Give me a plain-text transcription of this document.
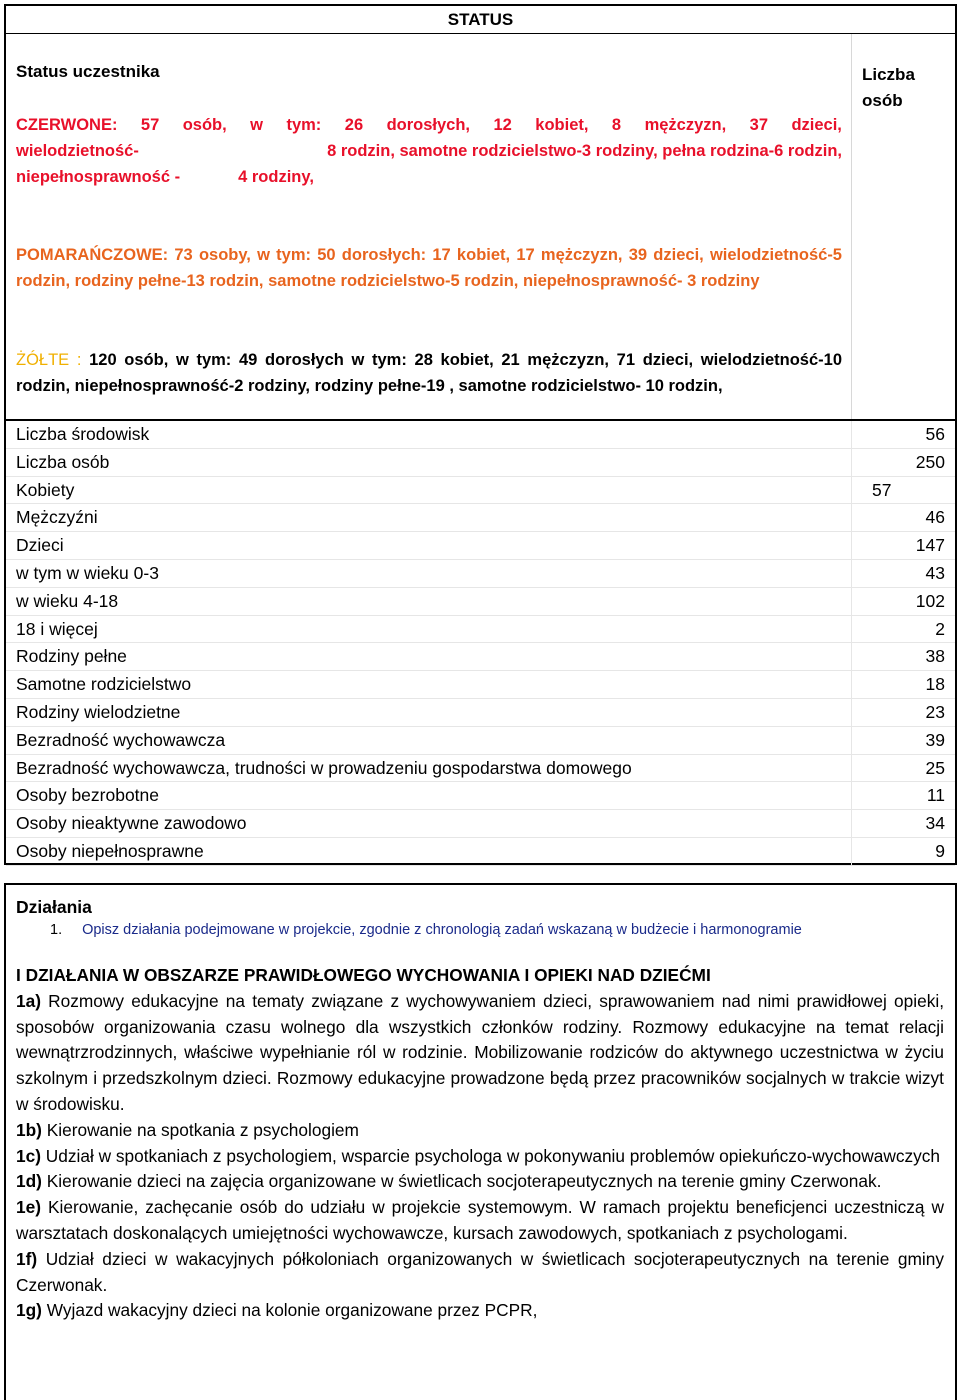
STATUS
Status uczestnika
CZERWONE: 57 osób, w tym: 26 dorosłych, 12 kobiet, 8 mężczyzn, 37 dzieci,
wielodzietność-	8 rodzin, samotne rodzicielstwo-3 rodziny, pełna rodzina-6 rodzin,
niepełnosprawność -	4 rodziny,
POMARAŃCZOWE: 73 osoby, w tym: 50 dorosłych: 17 kobiet, 17 mężczyzn, 39 dzieci, wielodzietność-5 rodzin, rodziny pełne-13 rodzin, samotne rodzicielstwo-5 rodzin, niepełnosprawność- 3 rodziny
ŻÓŁTE : 120 osób, w tym: 49 dorosłych w tym: 28 kobiet, 21 mężczyzn, 71 dzieci, wielodzietność-10 rodzin, niepełnosprawność-2 rodziny, rodziny pełne-19 , samotne rodzicielstwo- 10 rodzin,
Liczba osób
Liczba środowisk	56
Liczba osób	250
Kobiety	57
Mężczyźni	46
Dzieci	147
w tym w wieku 0-3	43
w wieku 4-18	102
18 i więcej	2
Rodziny pełne	38
Samotne rodzicielstwo	18
Rodziny wielodzietne	23
Bezradność wychowawcza	39
Bezradność wychowawcza, trudności w prowadzeniu gospodarstwa domowego	25
Osoby bezrobotne	11
Osoby nieaktywne zawodowo	34
Osoby niepełnosprawne	9
Działania
1. Opisz działania podejmowane w projekcie, zgodnie z chronologią zadań wskazaną w budżecie i harmonogramie

I DZIAŁANIA W OBSZARZE PRAWIDŁOWEGO WYCHOWANIA I OPIEKI NAD DZIEĆMI

1a) Rozmowy edukacyjne na tematy związane z wychowywaniem dzieci, sprawowaniem nad nimi prawidłowej opieki, sposobów organizowania czasu wolnego dla wszystkich członków rodziny. Rozmowy edukacyjne na temat relacji wewnątrzrodzinnych, właściwe wypełnianie ról w rodzinie. Mobilizowanie rodziców do aktywnego uczestnictwa w życiu szkolnym i przedszkolnym dzieci. Rozmowy edukacyjne prowadzone będą przez pracowników socjalnych w trakcie wizyt w środowisku.

1b) Kierowanie na spotkania z psychologiem

1c) Udział w spotkaniach z psychologiem, wsparcie psychologa w pokonywaniu problemów opiekuńczo-wychowawczych

1d) Kierowanie dzieci na zajęcia organizowane w świetlicach socjoterapeutycznych na terenie gminy Czerwonak.

1e) Kierowanie, zachęcanie osób do udziału w projekcie systemowym. W ramach projektu beneficjenci uczestniczą w warsztatach doskonalących umiejętności wychowawcze, kursach zawodowych, spotkaniach z psychologami.

1f) Udział dzieci w wakacyjnych półkoloniach organizowanych w świetlicach socjoterapeutycznych na terenie gminy Czerwonak.

1g) Wyjazd wakacyjny dzieci na kolonie organizowane przez PCPR,
